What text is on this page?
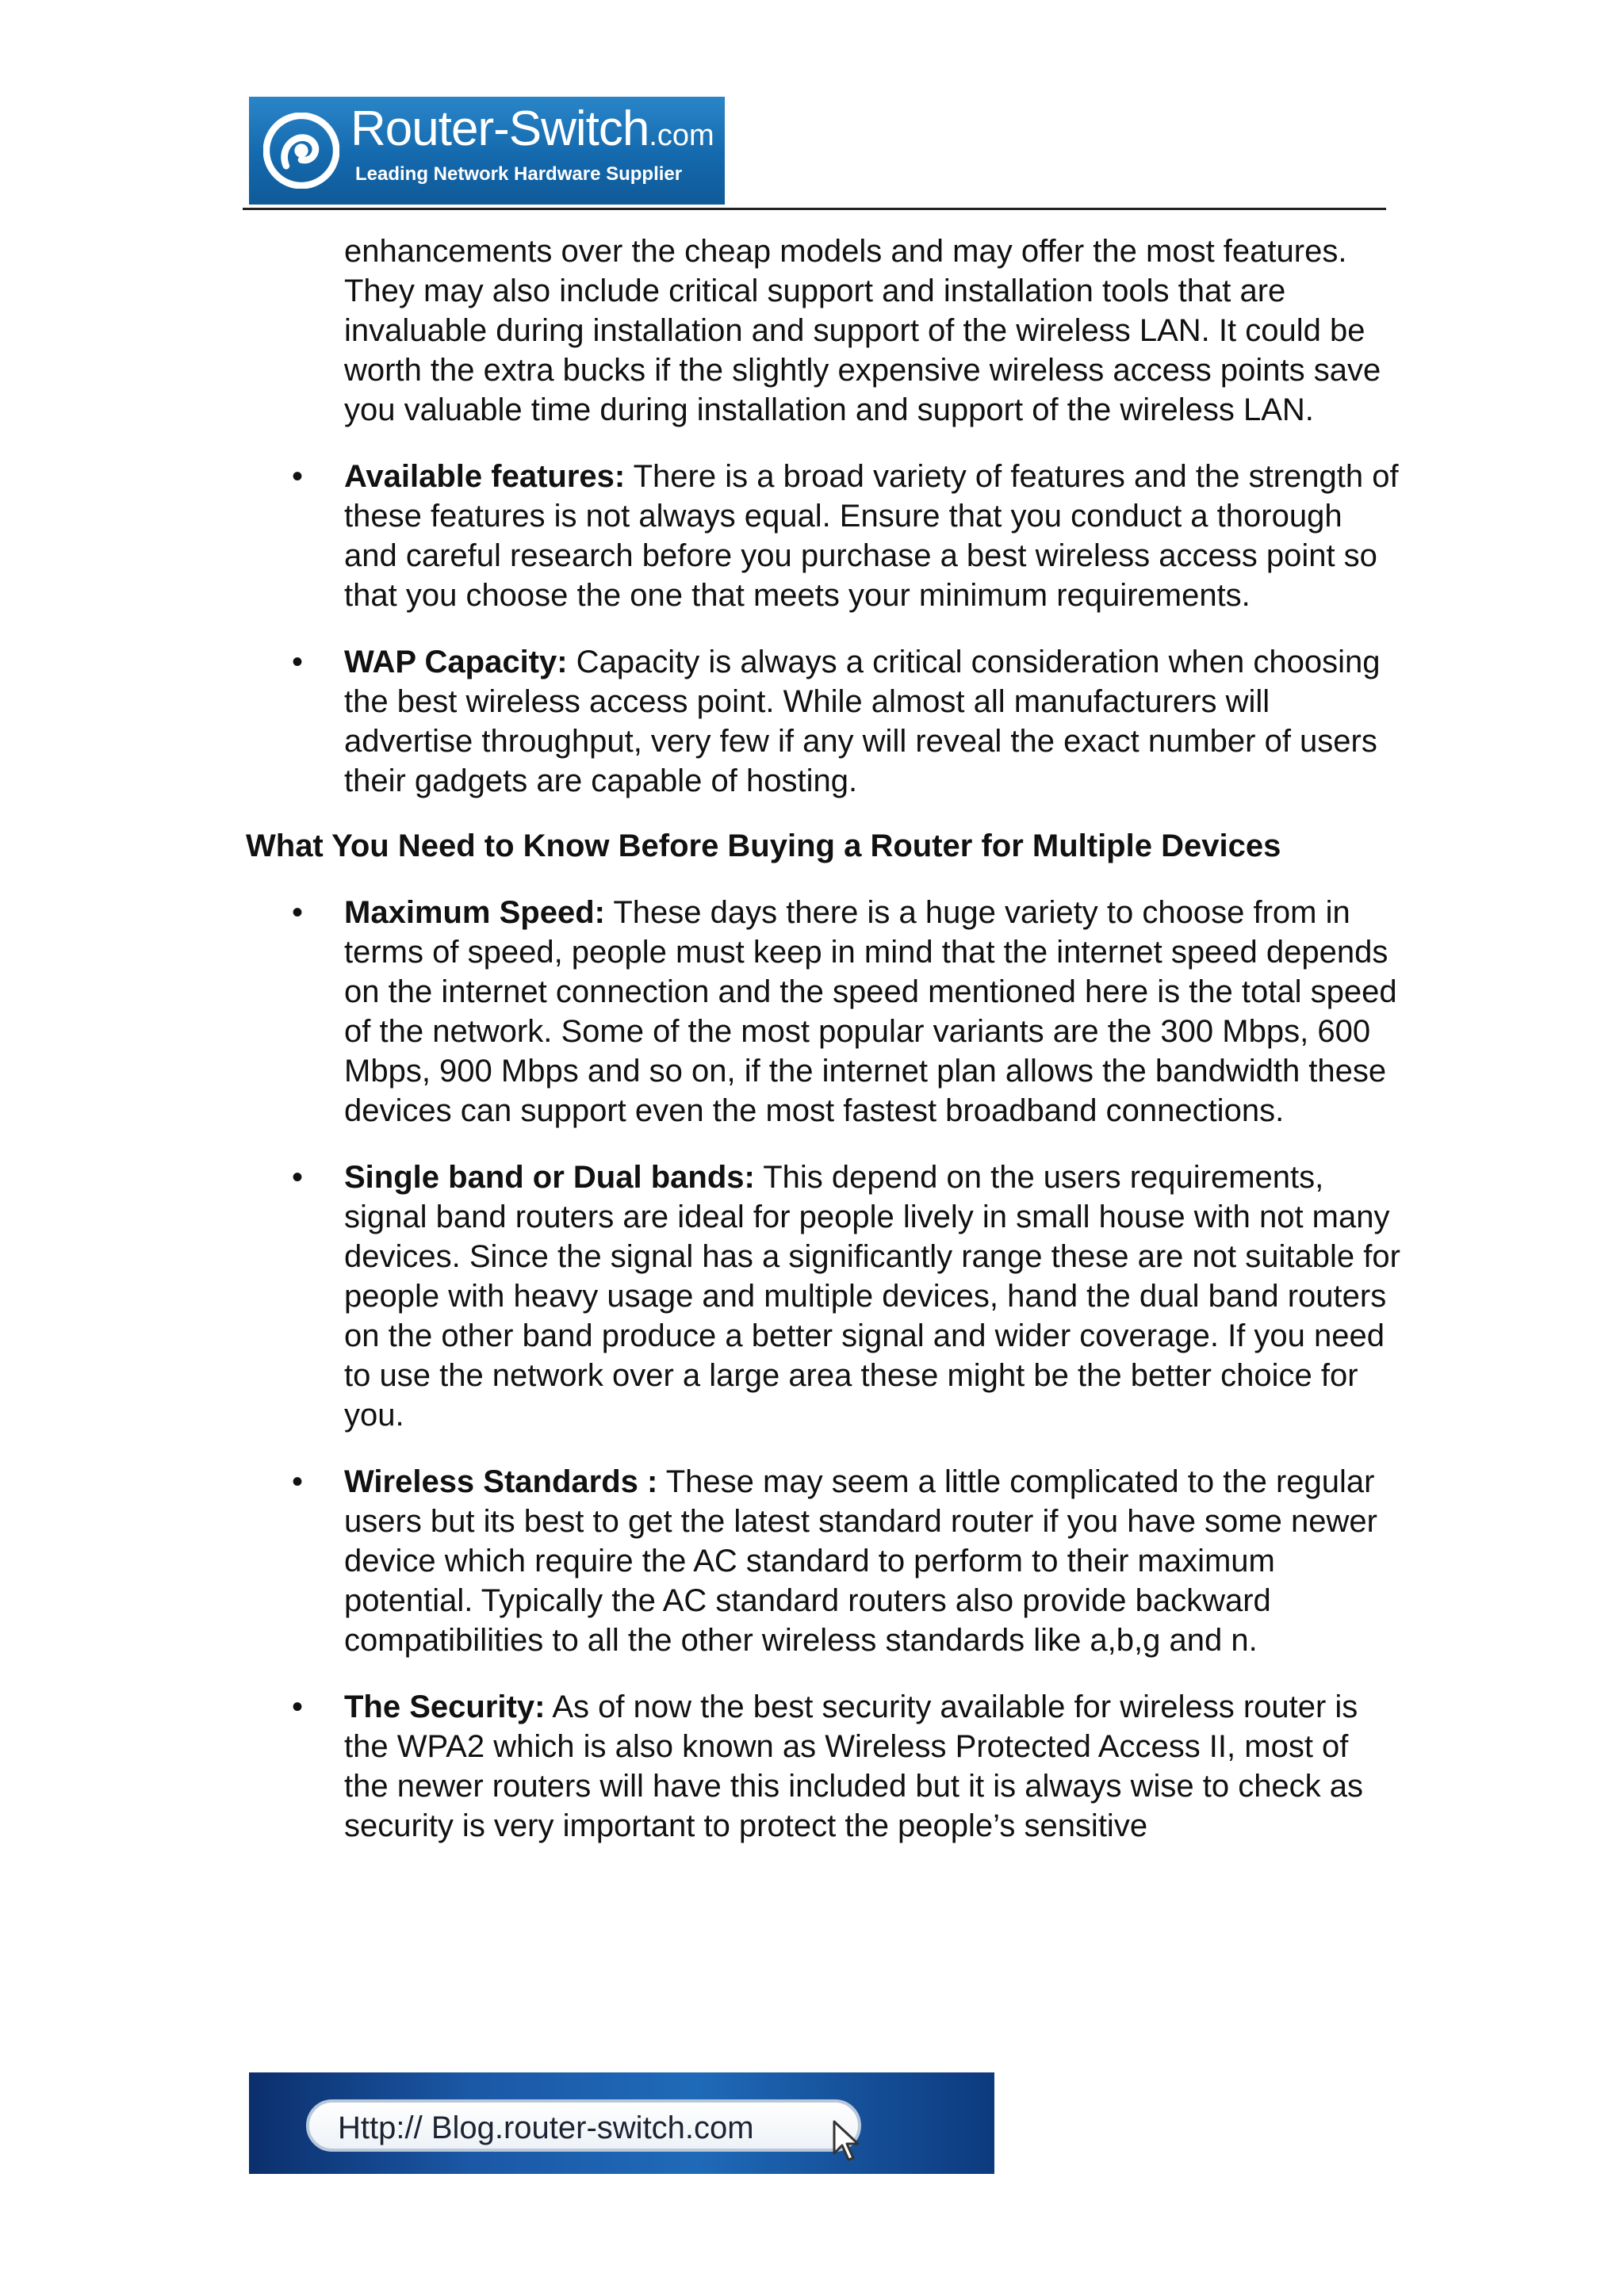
Router-Switch.com
Leading Network Hardware Supplier

enhancements over the cheap models and may offer the most features. They may also include critical support and installation tools that are invaluable during installation and support of the wireless LAN. It could be worth the extra bucks if the slightly expensive wireless access points save you valuable time during installation and support of the wireless LAN.

• Available features: There is a broad variety of features and the strength of these features is not always equal. Ensure that you conduct a thorough and careful research before you purchase a best wireless access point so that you choose the one that meets your minimum requirements.
• WAP Capacity: Capacity is always a critical consideration when choosing the best wireless access point. While almost all manufacturers will advertise throughput, very few if any will reveal the exact number of users their gadgets are capable of hosting.
What You Need to Know Before Buying a Router for Multiple Devices
• Maximum Speed: These days there is a huge variety to choose from in terms of speed, people must keep in mind that the internet speed depends on the internet connection and the speed mentioned here is the total speed of the network. Some of the most popular variants are the 300 Mbps, 600 Mbps, 900 Mbps and so on, if the internet plan allows the bandwidth these devices can support even the most fastest broadband connections.
• Single band or Dual bands: This depend on the users requirements, signal band routers are ideal for people lively in small house with not many devices. Since the signal has a significantly range these are not suitable for people with heavy usage and multiple devices, hand the dual band routers on the other band produce a better signal and wider coverage. If you need to use the network over a large area these might be the better choice for you.
• Wireless Standards : These may seem a little complicated to the regular users but its best to get the latest standard router if you have some newer device which require the AC standard to perform to their maximum potential. Typically the AC standard routers also provide backward compatibilities to all the other wireless standards like a,b,g and n.
• The Security: As of now the best security available for wireless router is the WPA2 which is also known as Wireless Protected Access II, most of the newer routers will have this included but it is always wise to check as security is very important to protect the people’s sensitive
Http:// Blog.router-switch.com
